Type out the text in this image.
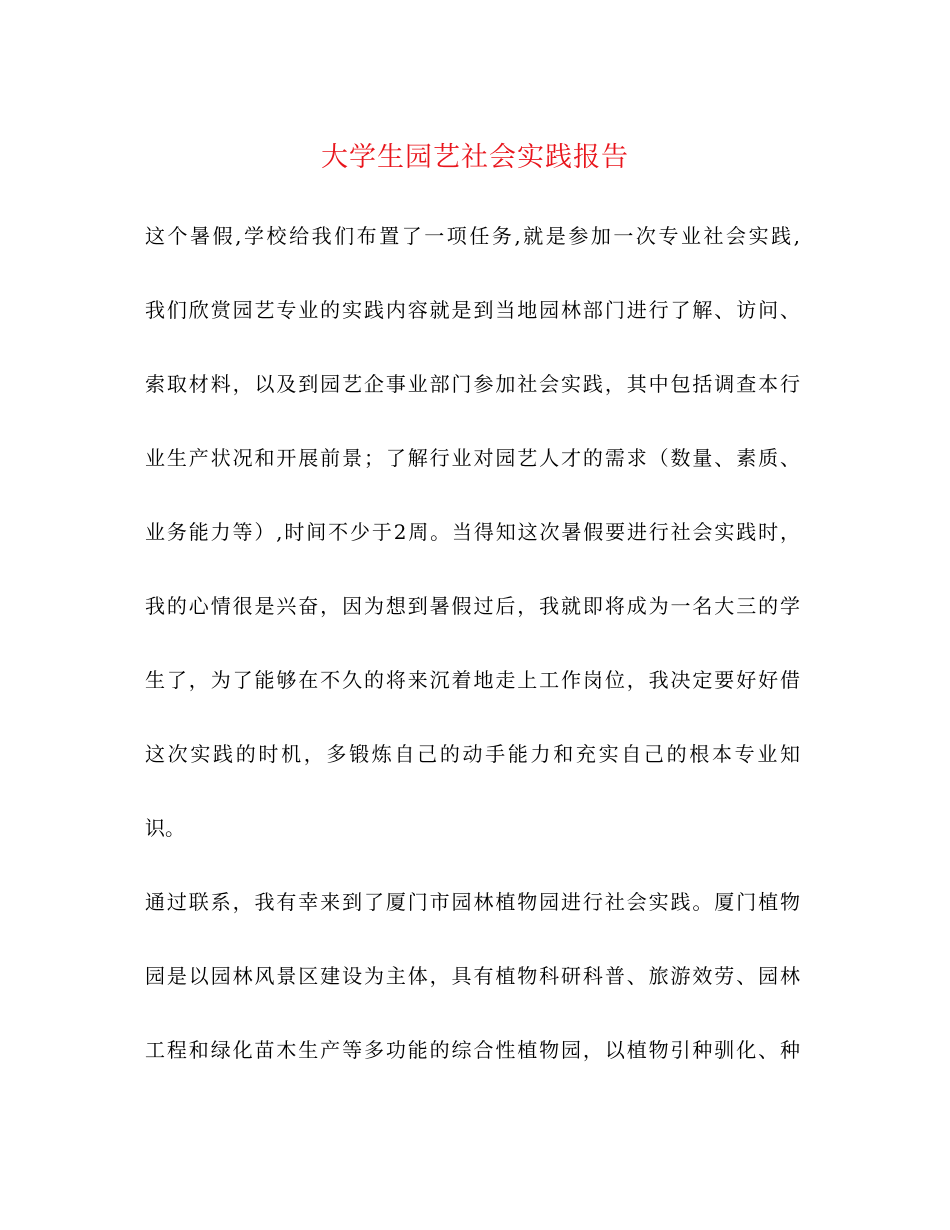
大学生园艺社会实践报告
这个暑假,学校给我们布置了一项任务,就是参加一次专业社会实践,
我们欣赏园艺专业的实践内容就是到当地园林部门进行了解、访问、
索取材料，以及到园艺企事业部门参加社会实践，其中包括调查本行
业生产状况和开展前景；了解行业对园艺人才的需求（数量、素质、
业务能力等）,时间不少于2周。当得知这次暑假要进行社会实践时，
我的心情很是兴奋，因为想到暑假过后，我就即将成为一名大三的学
生了，为了能够在不久的将来沉着地走上工作岗位，我决定要好好借
这次实践的时机，多锻炼自己的动手能力和充实自己的根本专业知
识。
通过联系，我有幸来到了厦门市园林植物园进行社会实践。厦门植物
园是以园林风景区建设为主体，具有植物科研科普、旅游效劳、园林
工程和绿化苗木生产等多功能的综合性植物园，以植物引种驯化、种
